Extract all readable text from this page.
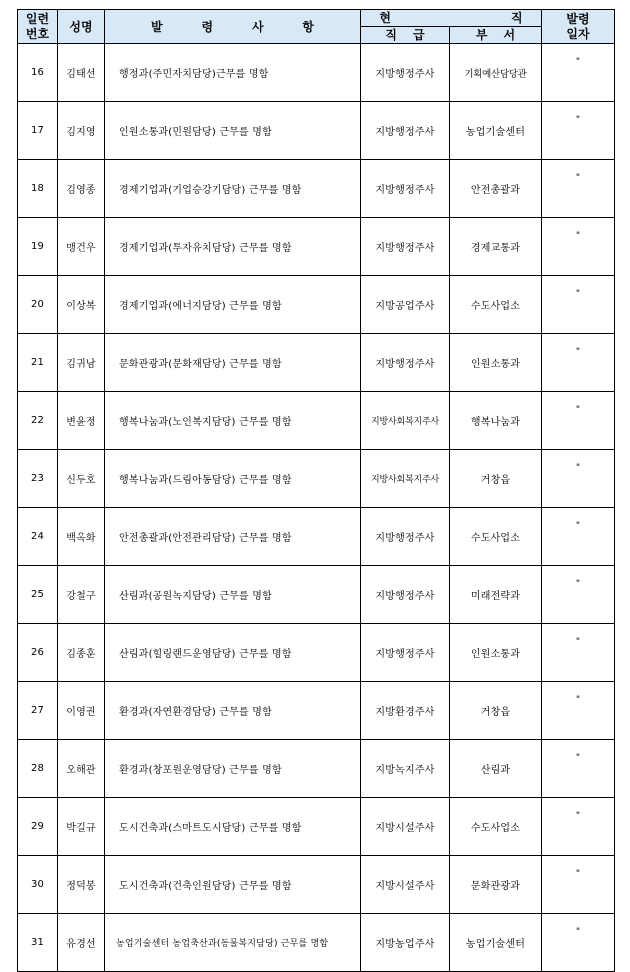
일련
번호	성명	발 령 사 항	현 직		발령
일자

			직 급	부 서	

16	김태선	행정과(주민자치담당)근무를 명함	지방행정주사	기획예산담당관	"
17	김지영	인원소통과(민원담당) 근무를 명함	지방행정주사	농업기술센터	"
18	김영종	경제기업과(기업승강기담당) 근무를 명함	지방행정주사	안전총괄과	"
19	맹건우	경제기업과(투자유치담당) 근무를 명함	지방행정주사	경제교통과	"
20	이상복	경제기업과(에너지담당) 근무를 명함	지방공업주사	수도사업소	"
21	김귀남	문화관광과(문화재담당) 근무를 명함	지방행정주사	인원소통과	"
22	변윤정	행복나눔과(노인복지담당) 근무를 명함	지방사회복지주사	행복나눔과	"
23	신두호	행복나눔과(드림아동담당) 근무를 명함	지방사회복지주사	거창읍	"
24	백옥화	안전총괄과(안전관리담당) 근무를 명함	지방행정주사	수도사업소	"
25	강철구	산림과(공원녹지담당) 근무를 명함	지방행정주사	미래전략과	"
26	김종훈	산림과(힐링랜드운영담당) 근무를 명함	지방행정주사	인원소통과	"
27	이영권	환경과(자연환경담당) 근무를 명함	지방환경주사	거창읍	"
28	오해관	환경과(창포원운영담당) 근무를 명함	지방녹지주사	산림과	"
29	박길규	도시건축과(스마트도시담당) 근무를 명함	지방시설주사	수도사업소	"
30	정덕봉	도시건축과(건축인원담당) 근무를 명함	지방시설주사	문화관광과	"
31	유경선	농업기술센터 농업축산과(동물복지담당) 근무를 명함	지방농업주사	농업기술센터	"
